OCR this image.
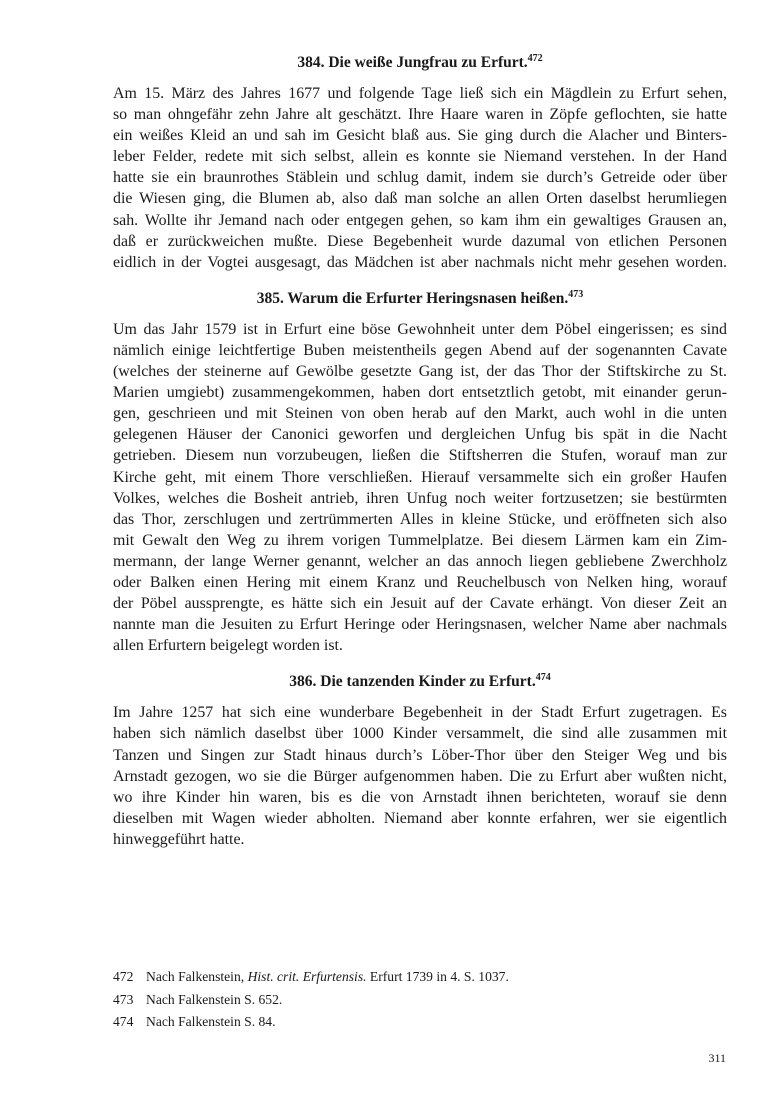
384. Die weiße Jungfrau zu Erfurt.$^{472}$

Am 15. März des Jahres 1677 und folgende Tage ließ sich ein Mägdlein zu Erfurt sehen,
so man ohngefähr zehn Jahre alt geschätzt. Ihre Haare waren in Zöpfe geflochten, sie hatte
ein weißes Kleid an und sah im Gesicht blaß aus. Sie ging durch die Alacher und Binters-
leber Felder, redete mit sich selbst, allein es konnte sie Niemand verstehen. In der Hand
hatte sie ein braunrothes Stäblein und schlug damit, indem sie durch’s Getreide oder über
die Wiesen ging, die Blumen ab, also daß man solche an allen Orten daselbst herumliegen
sah. Wollte ihr Jemand nach oder entgegen gehen, so kam ihm ein gewaltiges Grausen an,
daß er zurückweichen mußte. Diese Begebenheit wurde dazumal von etlichen Personen
eidlich in der Vogtei ausgesagt, das Mädchen ist aber nachmals nicht mehr gesehen worden.

385. Warum die Erfurter Heringsnasen heißen.$^{473}$

Um das Jahr 1579 ist in Erfurt eine böse Gewohnheit unter dem Pöbel eingerissen; es sind
nämlich einige leichtfertige Buben meistentheils gegen Abend auf der sogenannten Cavate
(welches der steinerne auf Gewölbe gesetzte Gang ist, der das Thor der Stiftskirche zu St.
Marien umgiebt) zusammengekommen, haben dort entsetztlich getobt, mit einander gerun-
gen, geschrieen und mit Steinen von oben herab auf den Markt, auch wohl in die unten
gelegenen Häuser der Canonici geworfen und dergleichen Unfug bis spät in die Nacht
getrieben. Diesem nun vorzubeugen, ließen die Stiftsherren die Stufen, worauf man zur
Kirche geht, mit einem Thore verschließen. Hierauf versammelte sich ein großer Haufen
Volkes, welches die Bosheit antrieb, ihren Unfug noch weiter fortzusetzen; sie bestürmten
das Thor, zerschlugen und zertrümmerten Alles in kleine Stücke, und eröffneten sich also
mit Gewalt den Weg zu ihrem vorigen Tummelplatze. Bei diesem Lärmen kam ein Zim-
mermann, der lange Werner genannt, welcher an das annoch liegen gebliebene Zwerchholz
oder Balken einen Hering mit einem Kranz und Reuchelbusch von Nelken hing, worauf
der Pöbel aussprengte, es hätte sich ein Jesuit auf der Cavate erhängt. Von dieser Zeit an
nannte man die Jesuiten zu Erfurt Heringe oder Heringsnasen, welcher Name aber nachmals
allen Erfurtern beigelegt worden ist.

386. Die tanzenden Kinder zu Erfurt.$^{474}$

Im Jahre 1257 hat sich eine wunderbare Begebenheit in der Stadt Erfurt zugetragen. Es
haben sich nämlich daselbst über 1000 Kinder versammelt, die sind alle zusammen mit
Tanzen und Singen zur Stadt hinaus durch’s Löber-Thor über den Steiger Weg und bis
Arnstadt gezogen, wo sie die Bürger aufgenommen haben. Die zu Erfurt aber wußten nicht,
wo ihre Kinder hin waren, bis es die von Arnstadt ihnen berichteten, worauf sie denn
dieselben mit Wagen wieder abholten. Niemand aber konnte erfahren, wer sie eigentlich
hinweggeführt hatte.

472 Nach Falkenstein, Hist. crit. Erfurtensis. Erfurt 1739 in 4. S. 1037.
473 Nach Falkenstein S. 652.
474 Nach Falkenstein S. 84.
311
